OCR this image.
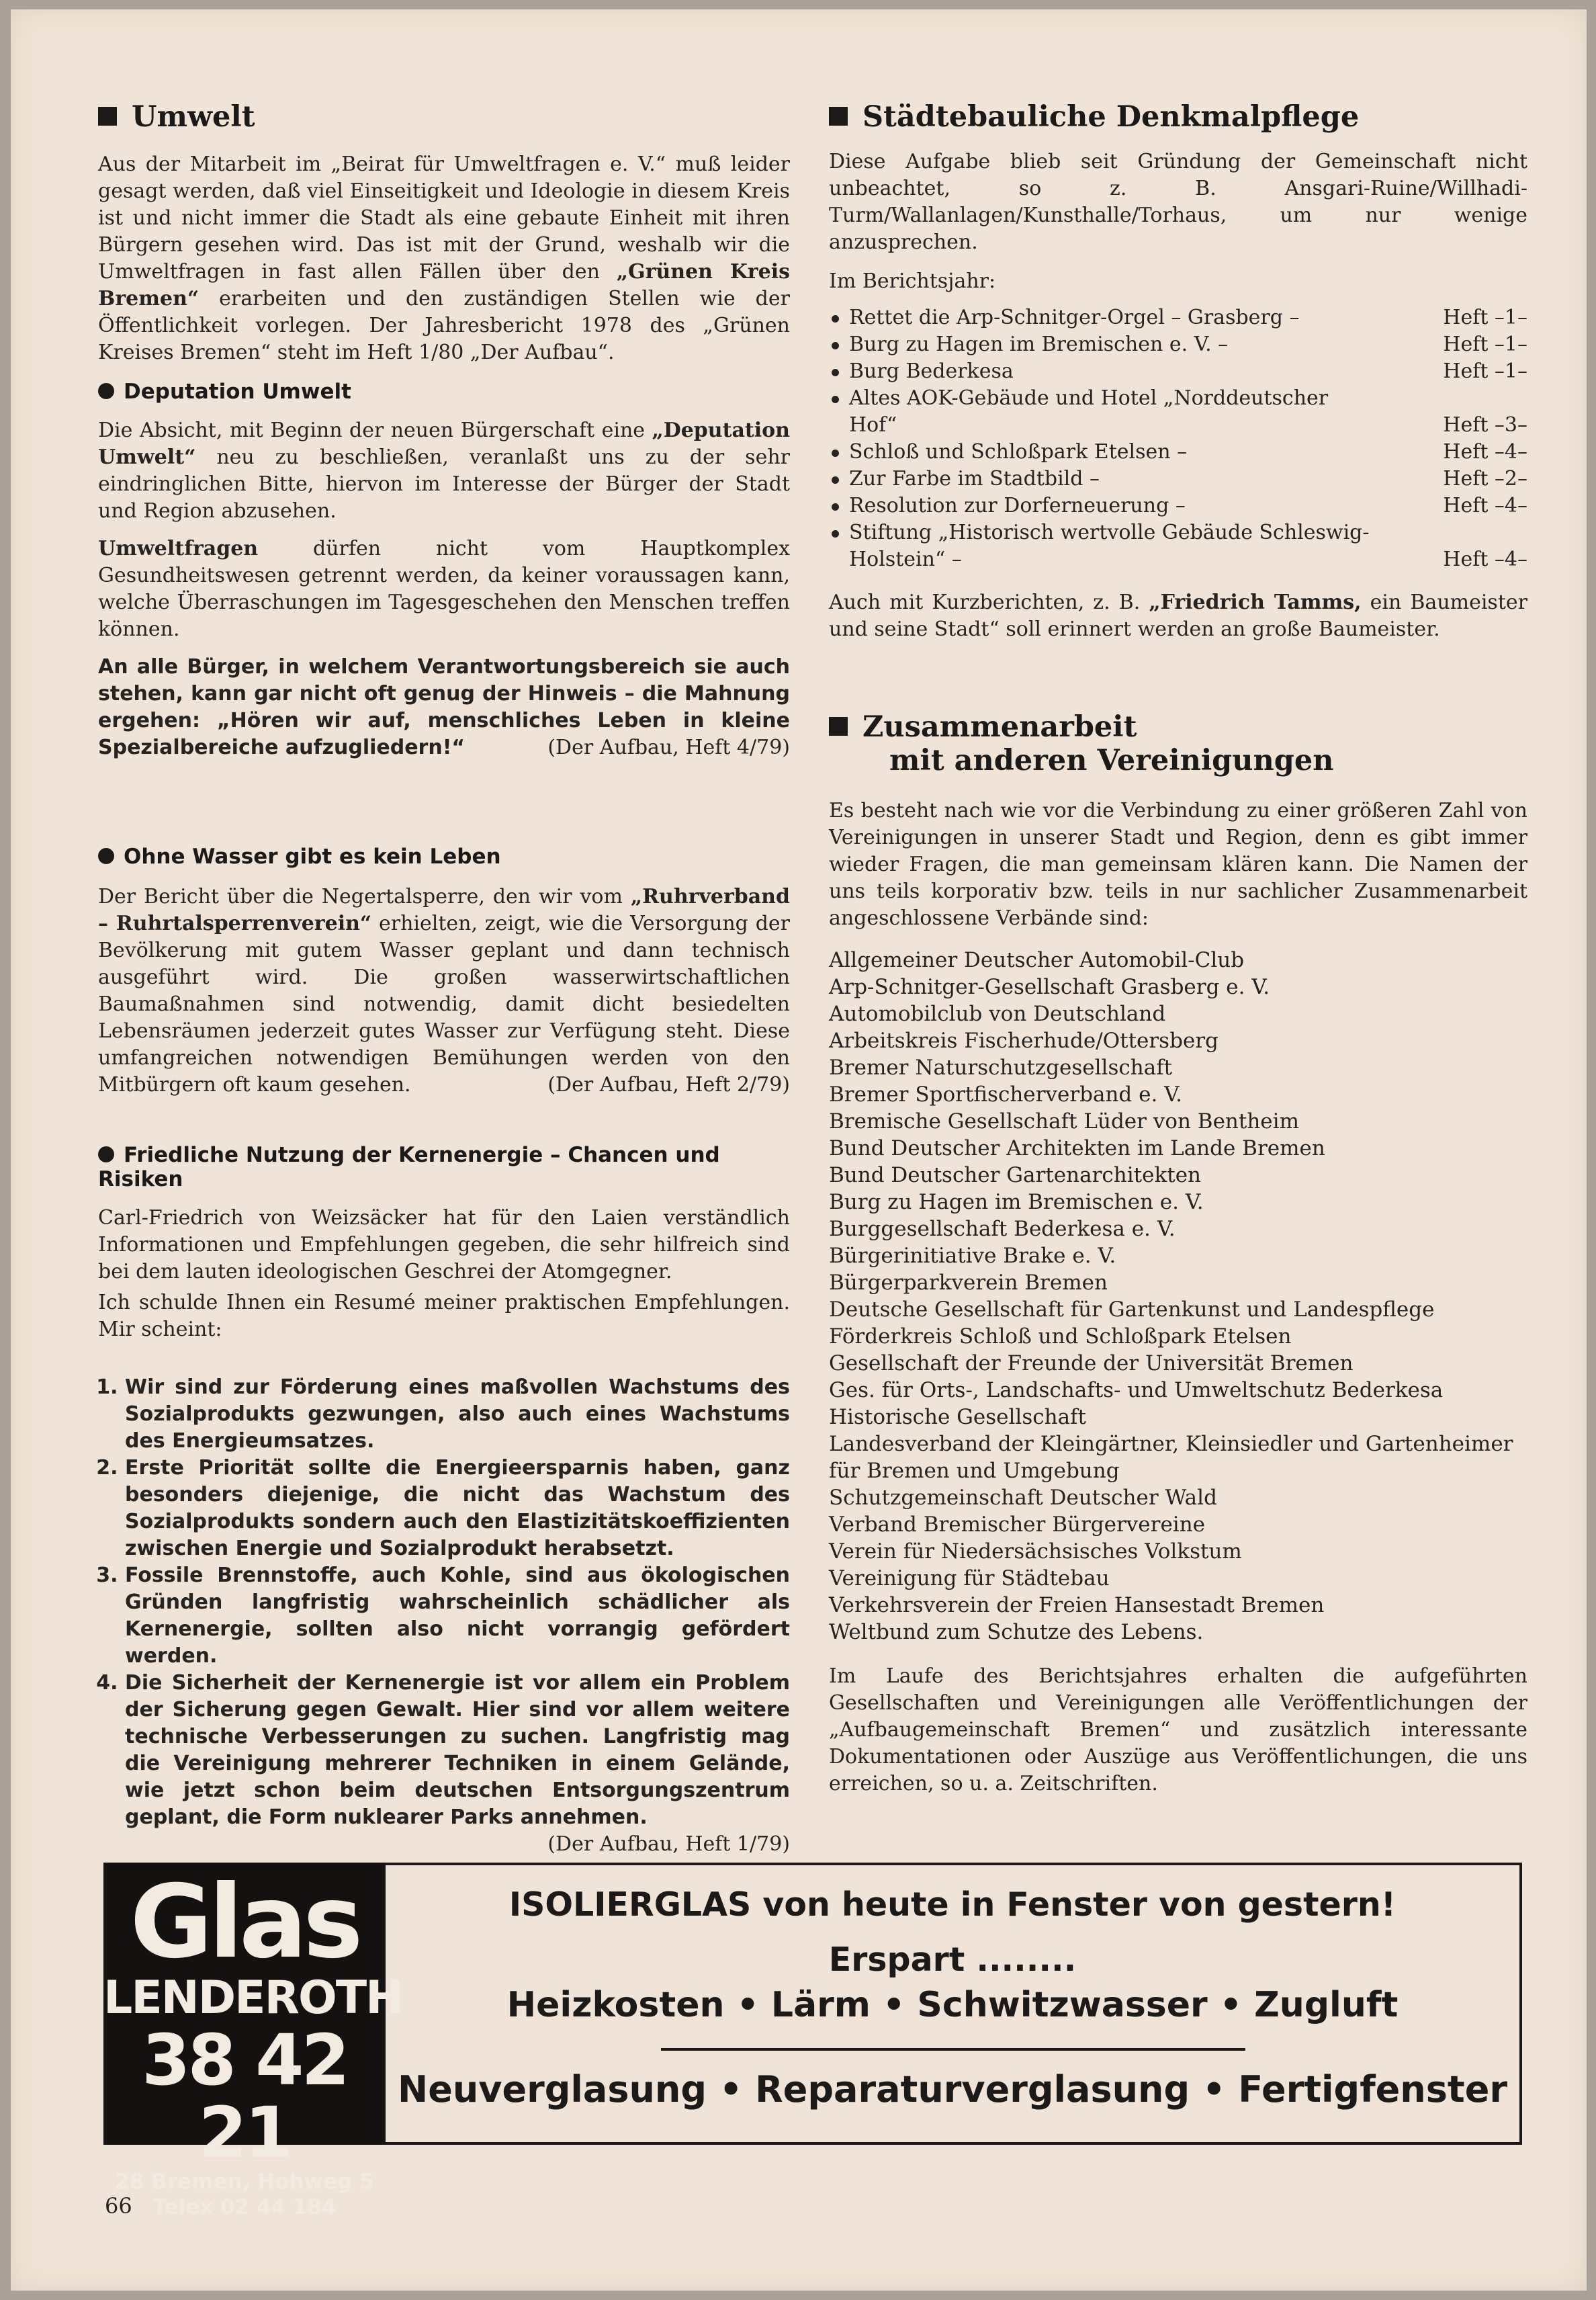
Umwelt

Aus der Mitarbeit im „Beirat für Umweltfragen e. V.“ muß leider gesagt werden, daß viel Einseitigkeit und Ideologie in diesem Kreis ist und nicht immer die Stadt als eine gebaute Einheit mit ihren Bürgern gesehen wird. Das ist mit der Grund, weshalb wir die Umweltfragen in fast allen Fällen über den „Grünen Kreis Bremen“ erarbeiten und den zuständigen Stellen wie der Öffentlichkeit vorlegen. Der Jahresbericht 1978 des „Grünen Kreises Bremen“ steht im Heft 1/80 „Der Aufbau“.

Deputation Umwelt

Die Absicht, mit Beginn der neuen Bürgerschaft eine „Deputation Umwelt“ neu zu beschließen, veranlaßt uns zu der sehr eindringlichen Bitte, hiervon im Interesse der Bürger der Stadt und Region abzusehen.

Umweltfragen	dürfen nicht vom Hauptkomplex Gesundheitswesen getrennt werden, da keiner voraussagen kann, welche Überraschungen im Tagesgeschehen den Menschen treffen können.

An alle Bürger, in welchem Verantwortungsbereich sie auch stehen, kann gar nicht oft genug der Hinweis – die Mahnung ergehen: „Hören wir auf, menschliches Leben in kleine Spezialbereiche aufzugliedern!“	(Der Aufbau, Heft 4/79)

Ohne Wasser gibt es kein Leben

Der Bericht über die Negertalsperre, den wir vom „Ruhrverband – Ruhrtalsperrenverein“ erhielten, zeigt, wie die Versorgung der Bevölkerung mit gutem Wasser geplant und dann technisch ausgeführt wird. Die großen wasserwirtschaftlichen Baumaßnahmen sind notwendig, damit dicht besiedelten Lebensräumen jederzeit gutes Wasser zur Verfügung steht. Diese umfangreichen notwendigen Bemühungen werden von den Mitbürgern oft kaum gesehen.	(Der Aufbau, Heft 2/79)

Friedliche Nutzung der Kernenergie – Chancen und Risiken

Carl-Friedrich von Weizsäcker hat für den Laien verständlich Informationen und Empfehlungen gegeben, die sehr hilfreich sind bei dem lauten ideologischen Geschrei der Atomgegner.

Ich schulde Ihnen ein Resumé meiner praktischen Empfehlungen. Mir scheint:

1. Wir sind zur Förderung eines maßvollen Wachstums des Sozialprodukts gezwungen, also auch eines Wachstums des Energieumsatzes.
2. Erste Priorität sollte die Energieersparnis haben, ganz besonders diejenige, die nicht das Wachstum des Sozialprodukts sondern auch den Elastizitätskoeffizienten zwischen Energie und Sozialprodukt herabsetzt.
3. Fossile Brennstoffe, auch Kohle, sind aus ökologischen Gründen langfristig wahrscheinlich schädlicher als Kernenergie, sollten also nicht vorrangig gefördert werden.
4. Die Sicherheit der Kernenergie ist vor allem ein Problem der Sicherung gegen Gewalt. Hier sind vor allem weitere technische Verbesserungen zu suchen. Langfristig mag die Vereinigung mehrerer Techniken in einem Gelände, wie jetzt schon beim deutschen Entsorgungszentrum geplant, die Form nuklearer Parks annehmen.
(Der Aufbau, Heft 1/79)
Städtebauliche Denkmalpflege

Diese Aufgabe blieb seit Gründung der Gemeinschaft nicht unbeachtet, so z. B. Ansgari-Ruine/Willhadi-Turm/Wallanlagen/Kunsthalle/Torhaus, um nur wenige anzusprechen.

Im Berichtsjahr:

Rettet die Arp-Schnitger-Orgel – Grasberg –	Heft –1–
Burg zu Hagen im Bremischen e. V. –	Heft –1–
Burg Bederkesa	Heft –1–
Altes AOK-Gebäude und Hotel „Norddeutscher Hof“	Heft –3–
Schloß und Schloßpark Etelsen –	Heft –4–
Zur Farbe im Stadtbild –	Heft –2–
Resolution zur Dorferneuerung –	Heft –4–
Stiftung „Historisch wertvolle Gebäude Schleswig-Holstein“ –	Heft –4–

Auch mit Kurzberichten, z. B. „Friedrich Tamms, ein Baumeister und seine Stadt“ soll erinnert werden an große Baumeister.

Zusammenarbeit
mit anderen Vereinigungen

Es besteht nach wie vor die Verbindung zu einer größeren Zahl von Vereinigungen in unserer Stadt und Region, denn es gibt immer wieder Fragen, die man gemeinsam klären kann. Die Namen der uns teils korporativ bzw. teils in nur sachlicher Zusammenarbeit angeschlossene Verbände sind:

Allgemeiner Deutscher Automobil-Club
Arp-Schnitger-Gesellschaft Grasberg e. V.
Automobilclub von Deutschland
Arbeitskreis Fischerhude/Ottersberg
Bremer Naturschutzgesellschaft
Bremer Sportfischerverband e. V.
Bremische Gesellschaft Lüder von Bentheim
Bund Deutscher Architekten im Lande Bremen
Bund Deutscher Gartenarchitekten
Burg zu Hagen im Bremischen e. V.
Burggesellschaft Bederkesa e. V.
Bürgerinitiative Brake e. V.
Bürgerparkverein Bremen
Deutsche Gesellschaft für Gartenkunst und Landespflege
Förderkreis Schloß und Schloßpark Etelsen
Gesellschaft der Freunde der Universität Bremen
Ges. für Orts-, Landschafts- und Umweltschutz Bederkesa
Historische Gesellschaft
Landesverband der Kleingärtner, Kleinsiedler und Gartenheimer für Bremen und Umgebung
Schutzgemeinschaft Deutscher Wald
Verband Bremischer Bürgervereine
Verein für Niedersächsisches Volkstum
Vereinigung für Städtebau
Verkehrsverein der Freien Hansestadt Bremen
Weltbund zum Schutze des Lebens.

Im Laufe des Berichtsjahres erhalten die aufgeführten Gesellschaften und Vereinigungen alle Veröffentlichungen der „Aufbaugemeinschaft Bremen“ und zusätzlich interessante Dokumentationen oder Auszüge aus Veröffentlichungen, die uns erreichen, so u. a. Zeitschriften.

Glas
LENDEROTH
38 42 21
28 Bremen, Hohweg 5
Telex 02 44 184
ISOLIERGLAS von heute in Fenster von gestern!
Erspart ........
Heizkosten • Lärm • Schwitzwasser • Zugluft
Neuverglasung • Reparaturverglasung • Fertigfenster
66
